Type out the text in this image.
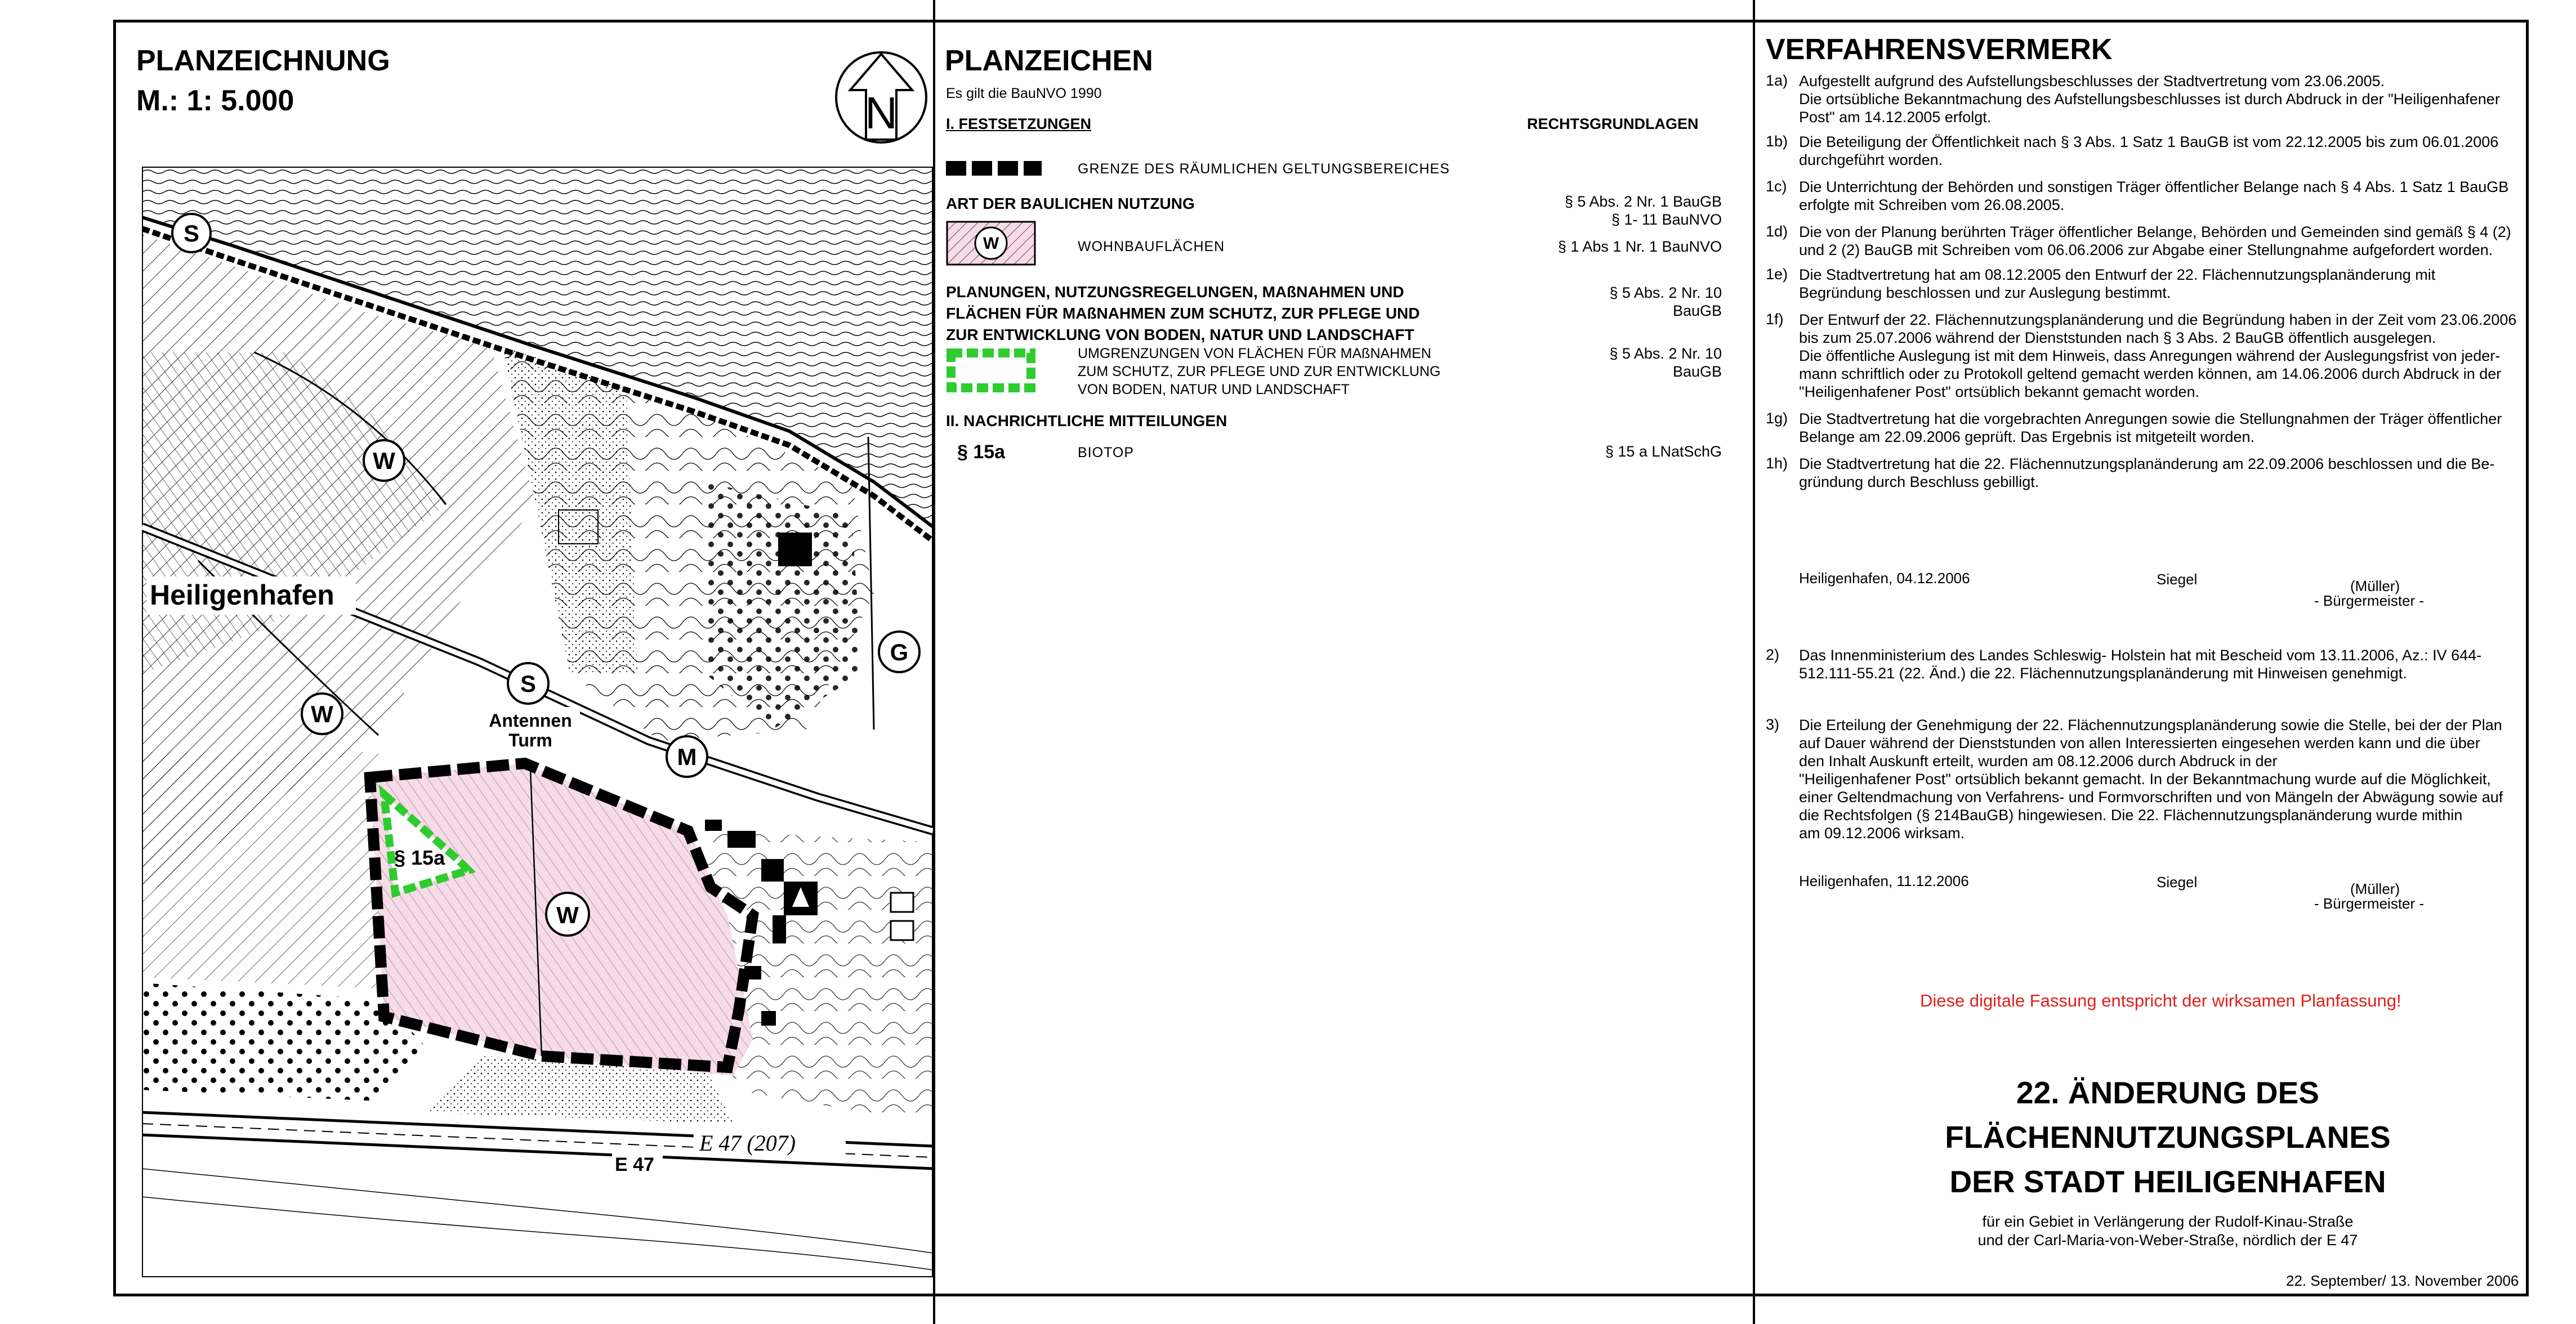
PLANZEICHNUNG
M.: 1: 5.000	N
S
W
W
S
M
G
W
Heiligenhafen
Antennen
Turm
§ 15a
E 47 (207)
E 47
PLANZEICHEN
Es gilt die BauNVO 1990
I. FESTSETZUNGEN	RECHTSGRUNDLAGEN
GRENZE DES RÄUMLICHEN GELTUNGSBEREICHES
ART DER BAULICHEN NUTZUNG	§ 5 Abs. 2 Nr. 1 BauGB
§ 1- 11 BauNVO
W	WOHNBAUFLÄCHEN	§ 1 Abs 1 Nr. 1 BauNVO
PLANUNGEN, NUTZUNGSREGELUNGEN, MAßNAHMEN UND
FLÄCHEN FÜR MAßNAHMEN ZUM SCHUTZ, ZUR PFLEGE UND
ZUR ENTWICKLUNG VON BODEN, NATUR UND LANDSCHAFT
§ 5 Abs. 2 Nr. 10
BauGB
UMGRENZUNGEN VON FLÄCHEN FÜR MAßNAHMEN
ZUM SCHUTZ, ZUR PFLEGE UND ZUR ENTWICKLUNG
VON BODEN, NATUR UND LANDSCHAFT
§ 5 Abs. 2 Nr. 10
BauGB
II. NACHRICHTLICHE MITTEILUNGEN
§ 15a	BIOTOP	§ 15 a LNatSchG
VERFAHRENSVERMERK
1a) Aufgestellt aufgrund des Aufstellungsbeschlusses der Stadtvertretung vom 23.06.2005.
Die ortsübliche Bekanntmachung des Aufstellungsbeschlusses ist durch Abdruck in der "Heiligenhafener
Post" am 14.12.2005 erfolgt.
1b) Die Beteiligung der Öffentlichkeit nach § 3 Abs. 1 Satz 1 BauGB ist vom 22.12.2005 bis zum 06.01.2006
durchgeführt worden.
1c) Die Unterrichtung der Behörden und sonstigen Träger öffentlicher Belange nach § 4 Abs. 1 Satz 1 BauGB
erfolgte mit Schreiben vom 26.08.2005.
1d) Die von der Planung berührten Träger öffentlicher Belange, Behörden und Gemeinden sind gemäß § 4 (2)
und 2 (2) BauGB mit Schreiben vom 06.06.2006 zur Abgabe einer Stellungnahme aufgefordert worden.
1e) Die Stadtvertretung hat am 08.12.2005 den Entwurf der 22. Flächennutzungsplanänderung mit
Begründung beschlossen und zur Auslegung bestimmt.
1f) Der Entwurf der 22. Flächennutzungsplanänderung und die Begründung haben in der Zeit vom 23.06.2006
bis zum 25.07.2006 während der Dienststunden nach § 3 Abs. 2 BauGB öffentlich ausgelegen.
Die öffentliche Auslegung ist mit dem Hinweis, dass Anregungen während der Auslegungsfrist von jeder-
mann schriftlich oder zu Protokoll geltend gemacht werden können, am 14.06.2006 durch Abdruck in der
"Heiligenhafener Post" ortsüblich bekannt gemacht worden.
1g) Die Stadtvertretung hat die vorgebrachten Anregungen sowie die Stellungnahmen der Träger öffentlicher
Belange am 22.09.2006 geprüft. Das Ergebnis ist mitgeteilt worden.
1h) Die Stadtvertretung hat die 22. Flächennutzungsplanänderung am 22.09.2006 beschlossen und die Be-
gründung durch Beschluss gebilligt.
Heiligenhafen, 04.12.2006	Siegel	(Müller)
- Bürgermeister -
2) Das Innenministerium des Landes Schleswig- Holstein hat mit Bescheid vom 13.11.2006, Az.: IV 644-
512.111-55.21 (22. Änd.) die 22. Flächennutzungsplanänderung mit Hinweisen genehmigt.
3) Die Erteilung der Genehmigung der 22. Flächennutzungsplanänderung sowie die Stelle, bei der der Plan
auf Dauer während der Dienststunden von allen Interessierten eingesehen werden kann und die über
den Inhalt Auskunft erteilt, wurden am 08.12.2006 durch Abdruck in der
"Heiligenhafener Post" ortsüblich bekannt gemacht. In der Bekanntmachung wurde auf die Möglichkeit,
einer Geltendmachung von Verfahrens- und Formvorschriften und von Mängeln der Abwägung sowie auf
die Rechtsfolgen (§ 214BauGB) hingewiesen. Die 22. Flächennutzungsplanänderung wurde mithin
am 09.12.2006 wirksam.
Heiligenhafen, 11.12.2006	Siegel	(Müller)
- Bürgermeister -
Diese digitale Fassung entspricht der wirksamen Planfassung!
22. ÄNDERUNG DES
FLÄCHENNUTZUNGSPLANES
DER STADT HEILIGENHAFEN
für ein Gebiet in Verlängerung der Rudolf-Kinau-Straße
und der Carl-Maria-von-Weber-Straße, nördlich der E 47
22. September/ 13. November 2006
